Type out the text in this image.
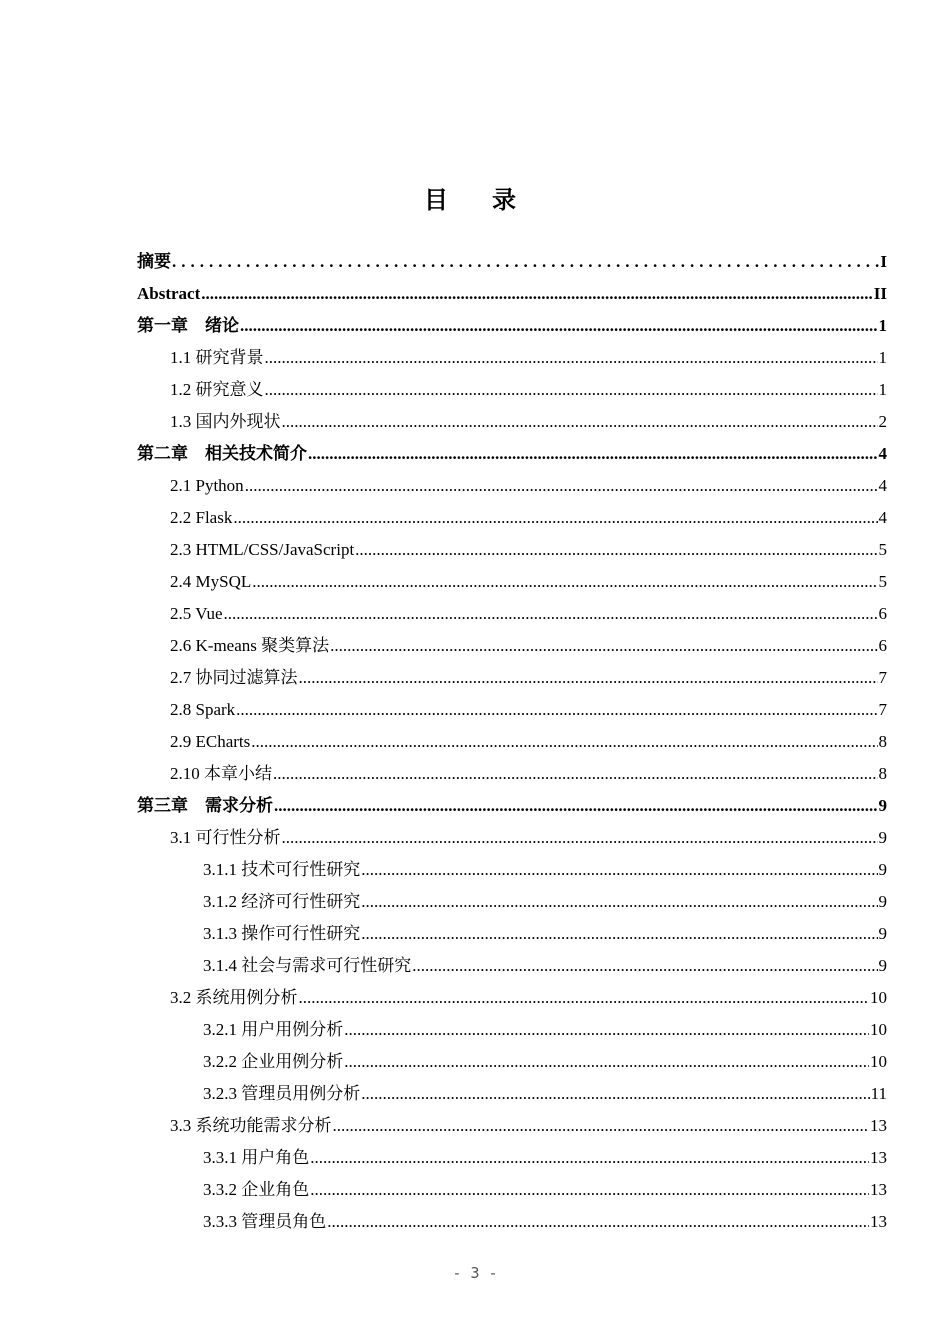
目　录
摘要 .....	I
Abstract .....	II
第一章　绪论 .....	1
1.1 研究背景 .....	1
1.2 研究意义 .....	1
1.3 国内外现状 .....	2
第二章　相关技术简介 .....	4
2.1 Python .....	4
2.2 Flask .....	4
2.3 HTML/CSS/JavaScript .....	5
2.4 MySQL .....	5
2.5 Vue .....	6
2.6 K-means 聚类算法 .....	6
2.7 协同过滤算法 .....	7
2.8 Spark .....	7
2.9 ECharts .....	8
2.10 本章小结 .....	8
第三章　需求分析 .....	9
3.1 可行性分析 .....	9
3.1.1 技术可行性研究 .....	9
3.1.2 经济可行性研究 .....	9
3.1.3 操作可行性研究 .....	9
3.1.4 社会与需求可行性研究 .....	9
3.2 系统用例分析 .....	10
3.2.1 用户用例分析 .....	10
3.2.2 企业用例分析 .....	10
3.2.3 管理员用例分析 .....	11
3.3 系统功能需求分析 .....	13
3.3.1 用户角色 .....	13
3.3.2 企业角色 .....	13
3.3.3 管理员角色 .....	13
- 3 -
